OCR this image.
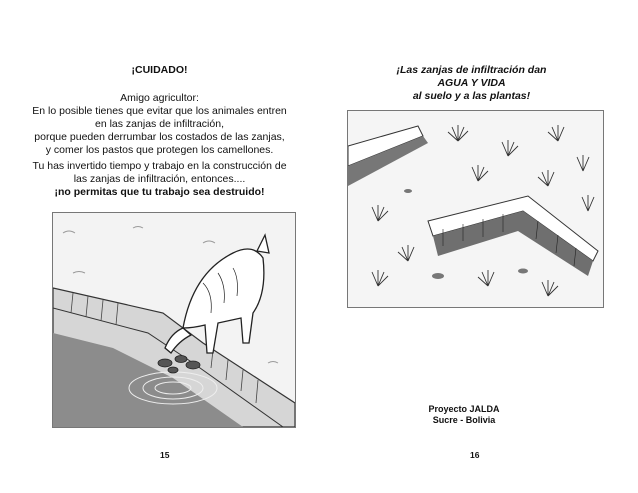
¡CUIDADO!
Amigo agricultor:
En lo posible tienes que evitar que los animales entren
en las zanjas de infiltración,
porque pueden derrumbar los costados de las zanjas,
y comer los pastos que protegen los camellones.
Tu has invertido tiempo y trabajo en la construcción de
las zanjas de infiltración, entonces....
¡no permitas que tu trabajo sea destruido!
15
¡Las zanjas de infiltración dan
AGUA Y VIDA
al suelo y a las plantas!
Proyecto JALDA
Sucre - Bolivia
16
